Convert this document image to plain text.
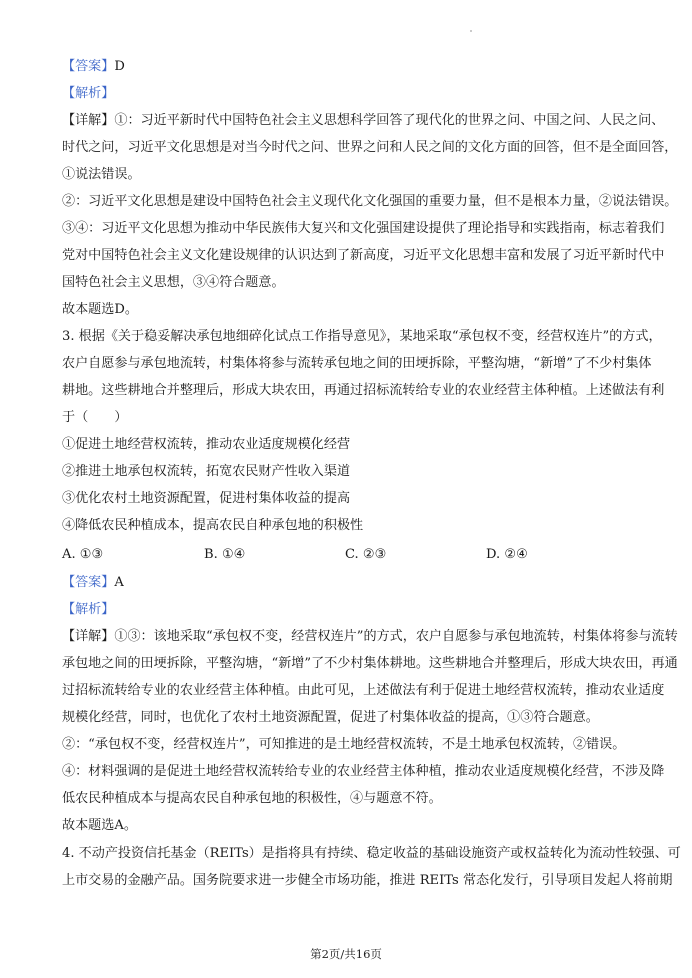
【答案】D
【解析】
【详解】①：习近平新时代中国特色社会主义思想科学回答了现代化的世界之问、中国之问、人民之问、
时代之问，习近平文化思想是对当今时代之问、世界之问和人民之间的文化方面的回答，但不是全面回答，
①说法错误。
②：习近平文化思想是建设中国特色社会主义现代化文化强国的重要力量，但不是根本力量，②说法错误。
③④：习近平文化思想为推动中华民族伟大复兴和文化强国建设提供了理论指导和实践指南，标志着我们
党对中国特色社会主义文化建设规律的认识达到了新高度，习近平文化思想丰富和发展了习近平新时代中
国特色社会主义思想，③④符合题意。
故本题选D。
3. 根据《关于稳妥解决承包地细碎化试点工作指导意见》，某地采取“承包权不变，经营权连片”的方式，
农户自愿参与承包地流转，村集体将参与流转承包地之间的田埂拆除，平整沟塘，“新增”了不少村集体
耕地。这些耕地合并整理后，形成大块农田，再通过招标流转给专业的农业经营主体种植。上述做法有利
于（　　）
①促进土地经营权流转，推动农业适度规模化经营
②推进土地承包权流转，拓宽农民财产性收入渠道
③优化农村土地资源配置，促进村集体收益的提高
④降低农民种植成本，提高农民自种承包地的积极性
A. ①③	B. ①④	C. ②③	D. ②④
【答案】A
【解析】
【详解】①③：该地采取“承包权不变，经营权连片”的方式，农户自愿参与承包地流转，村集体将参与流转
承包地之间的田埂拆除，平整沟塘，“新增”了不少村集体耕地。这些耕地合并整理后，形成大块农田，再通
过招标流转给专业的农业经营主体种植。由此可见，上述做法有利于促进土地经营权流转，推动农业适度
规模化经营，同时，也优化了农村土地资源配置，促进了村集体收益的提高，①③符合题意。
②：“承包权不变，经营权连片”，可知推进的是土地经营权流转，不是土地承包权流转，②错误。
④：材料强调的是促进土地经营权流转给专业的农业经营主体种植，推动农业适度规模化经营，不涉及降
低农民种植成本与提高农民自种承包地的积极性，④与题意不符。
故本题选A。
4. 不动产投资信托基金（REITs）是指将具有持续、稳定收益的基础设施资产或权益转化为流动性较强、可
上市交易的金融产品。国务院要求进一步健全市场功能，推进 REITs 常态化发行，引导项目发起人将前期
第2页/共16页
